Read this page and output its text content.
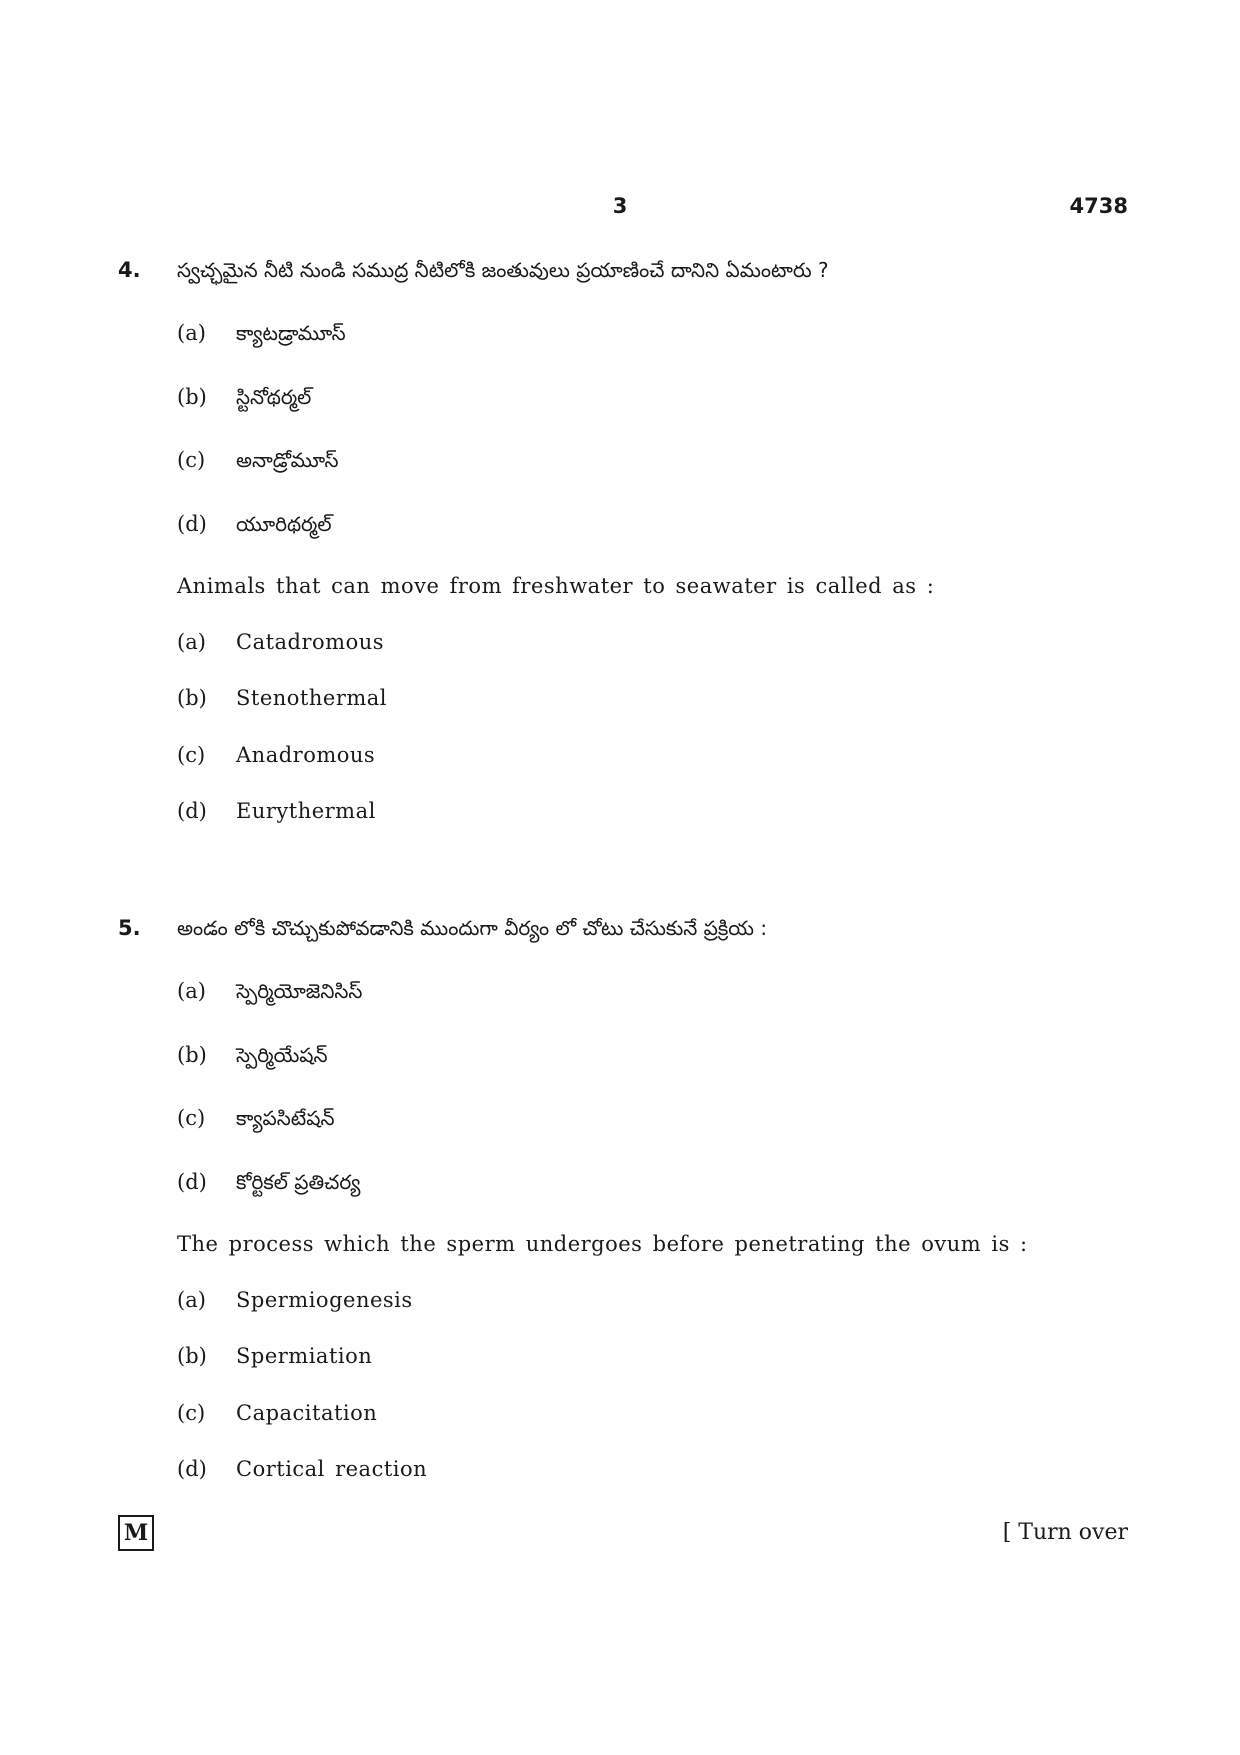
3	4738
4. స్వచ్ఛమైన నీటి నుండి సముద్ర నీటిలోకి జంతువులు ప్రయాణించే దానిని ఏమంటారు ?
(a) క్యాటడ్రామూస్
(b) స్టినోథర్మల్
(c) అనాడ్రోమూస్
(d) యూరిథర్మల్
Animals that can move from freshwater to seawater is called as :
(a) Catadromous
(b) Stenothermal
(c) Anadromous
(d) Eurythermal
5. అండం లోకి చొచ్చుకుపోవడానికి ముందుగా వీర్యం లో చోటు చేసుకునే ప్రక్రియ :
(a) స్పెర్మియోజెనిసిస్
(b) స్పెర్మియేషన్
(c) క్యాపసిటేషన్
(d) కోర్టికల్ ప్రతిచర్య
The process which the sperm undergoes before penetrating the ovum is :
(a) Spermiogenesis
(b) Spermiation
(c) Capacitation
(d) Cortical reaction
M	[ Turn over
